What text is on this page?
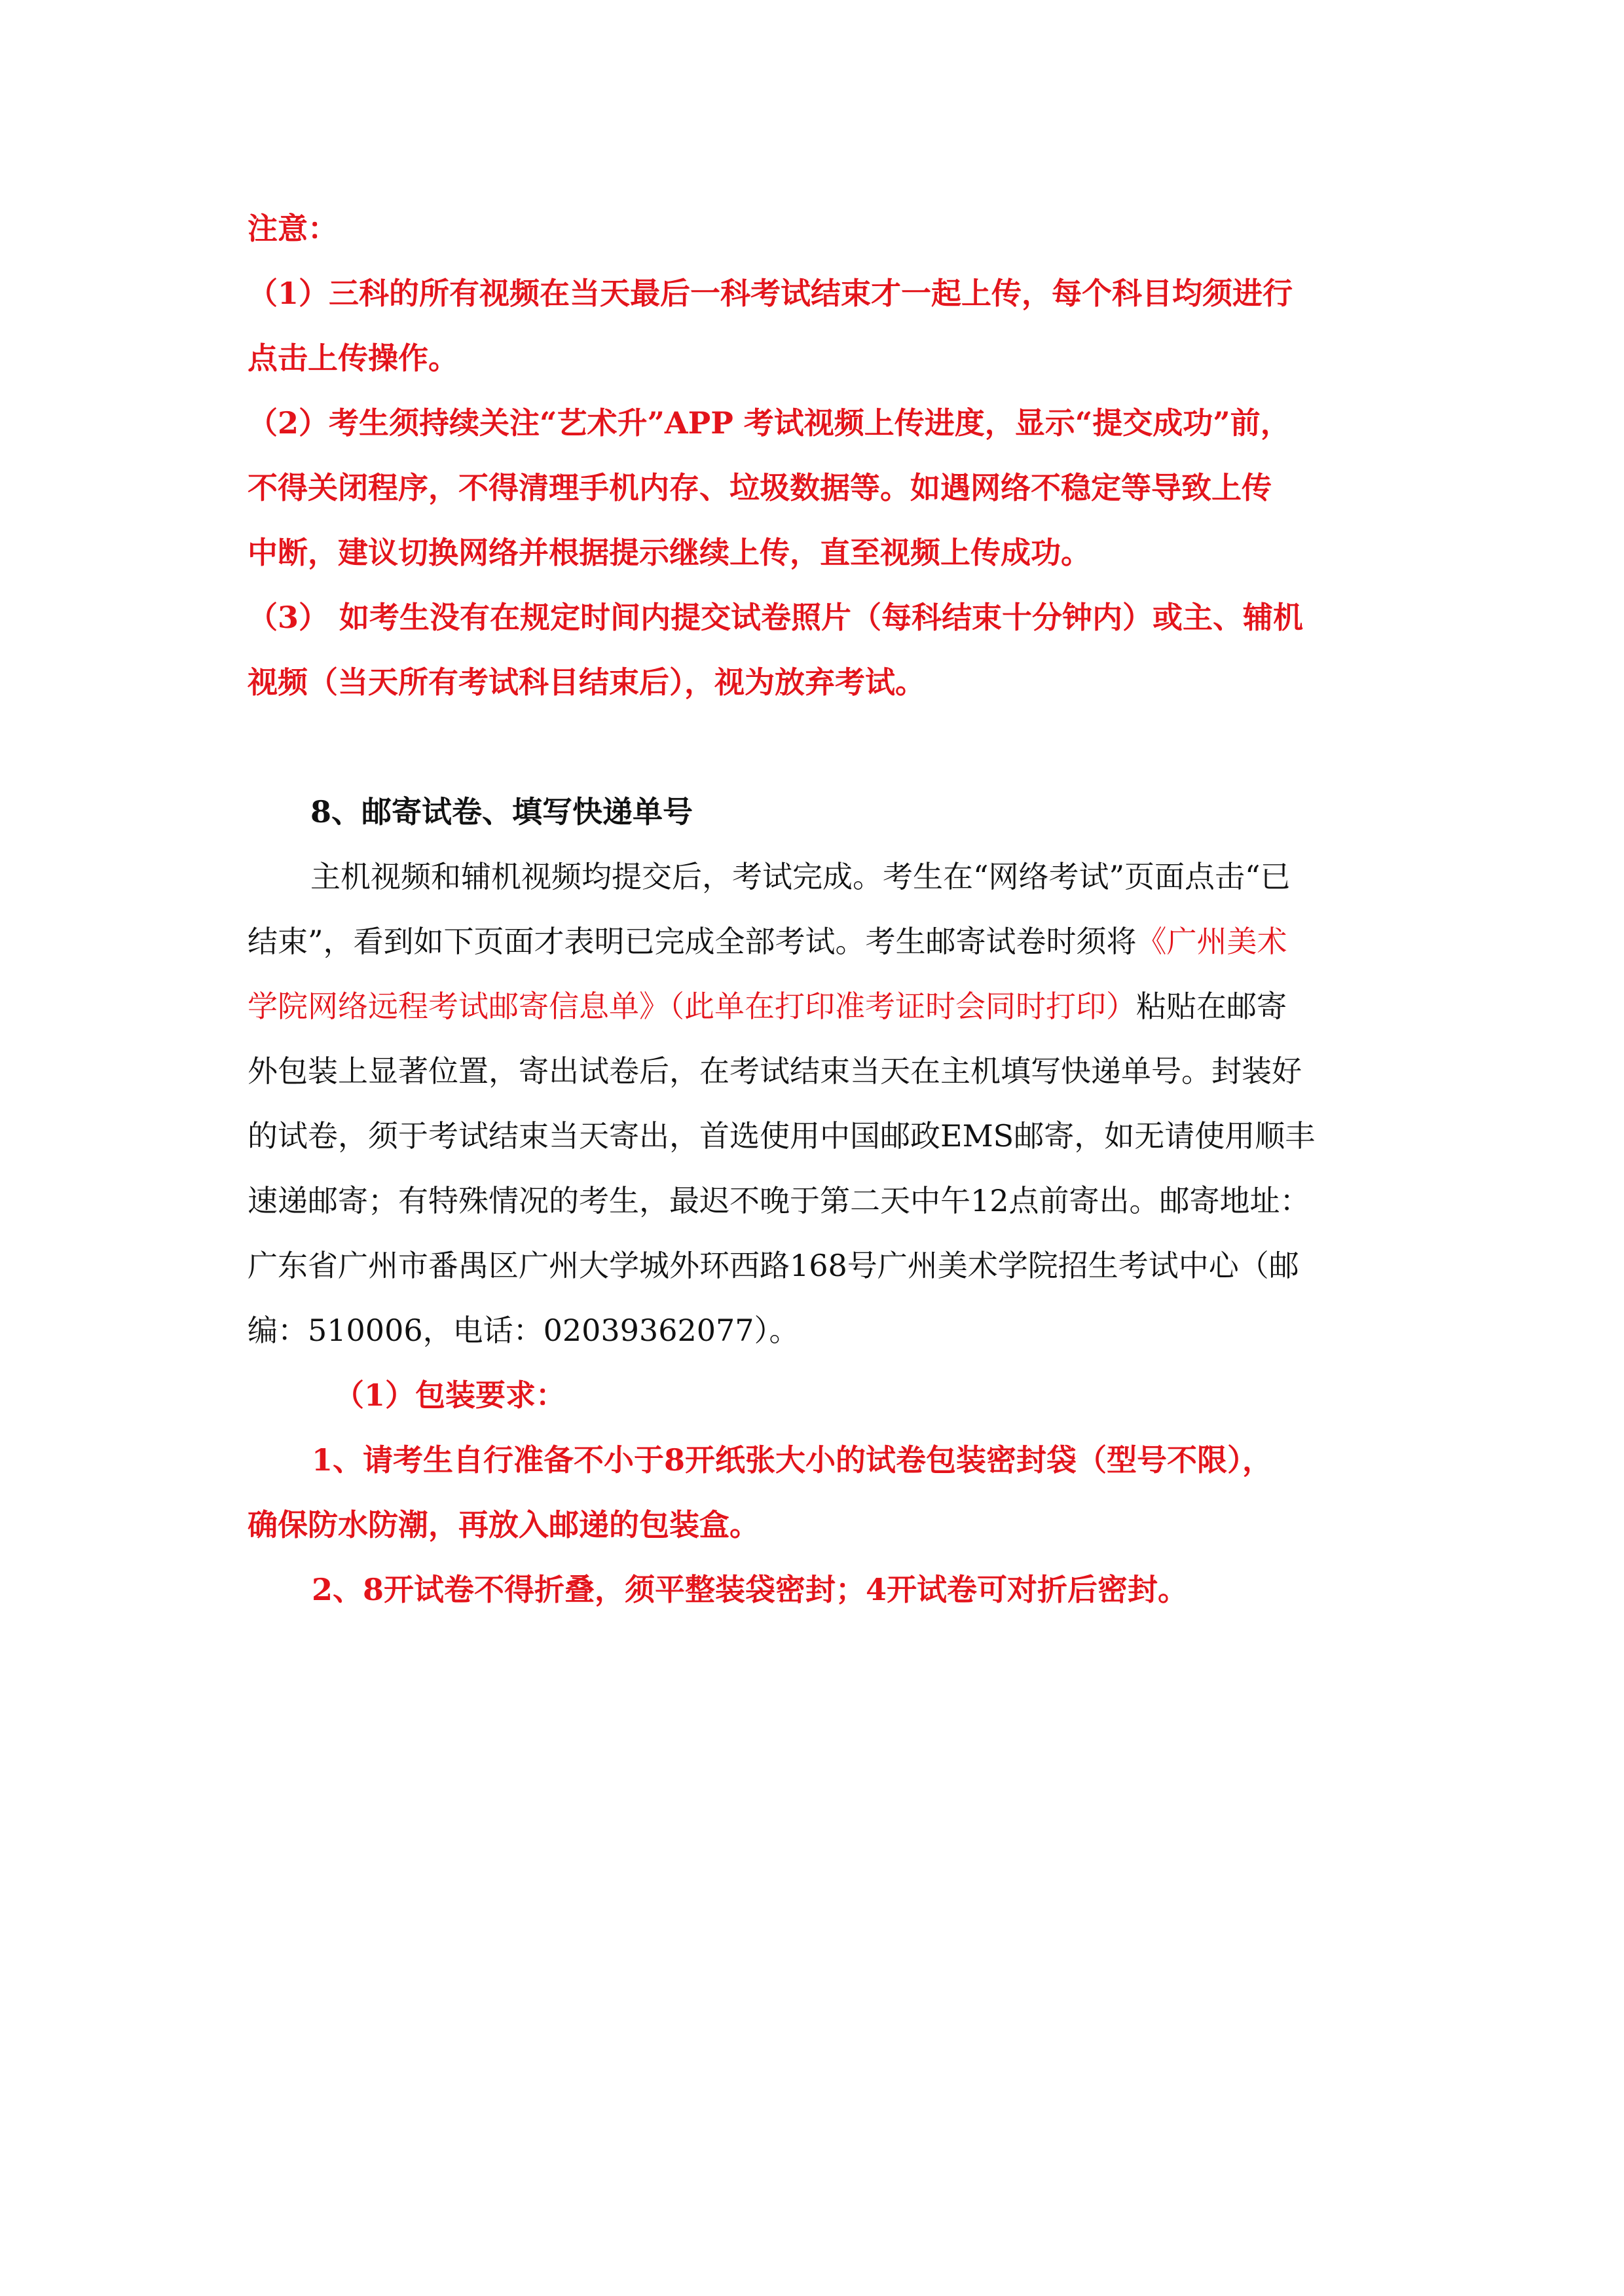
注意：
（1）三科的所有视频在当天最后一科考试结束才一起上传，每个科目均须进行
点击上传操作。
（2）考生须持续关注“艺术升”APP 考试视频上传进度，显示“提交成功”前，
不得关闭程序，不得清理手机内存、垃圾数据等。如遇网络不稳定等导致上传
中断，建议切换网络并根据提示继续上传，直至视频上传成功。
（3） 如考生没有在规定时间内提交试卷照片（每科结束十分钟内）或主、辅机
视频（当天所有考试科目结束后），视为放弃考试。
8、邮寄试卷、填写快递单号
主机视频和辅机视频均提交后，考试完成。考生在“网络考试”页面点击“已
结束”，看到如下页面才表明已完成全部考试。考生邮寄试卷时须将《广州美术
学院网络远程考试邮寄信息单》（此单在打印准考证时会同时打印）粘贴在邮寄
外包装上显著位置，寄出试卷后，在考试结束当天在主机填写快递单号。封装好
的试卷，须于考试结束当天寄出，首选使用中国邮政EMS邮寄，如无请使用顺丰
速递邮寄；有特殊情况的考生，最迟不晚于第二天中午12点前寄出。邮寄地址：
广东省广州市番禺区广州大学城外环西路168号广州美术学院招生考试中心（邮
编：510006，电话：02039362077）。
（1）包装要求：
1、请考生自行准备不小于8开纸张大小的试卷包装密封袋（型号不限），
确保防水防潮，再放入邮递的包装盒。
2、8开试卷不得折叠，须平整装袋密封；4开试卷可对折后密封。
